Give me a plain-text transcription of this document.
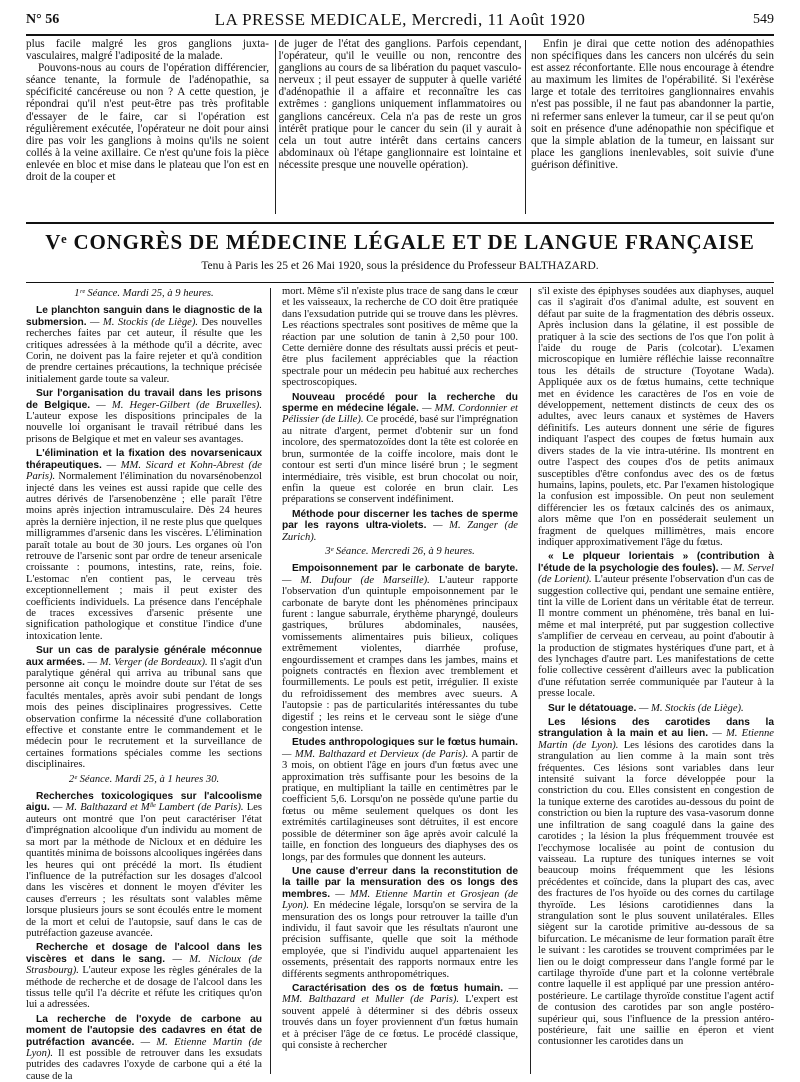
N° 56	LA PRESSE MEDICALE, Mercredi, 11 Août 1920	549

plus facile malgré les gros ganglions juxta-vasculaires, malgré l'adiposité de la malade.

Pouvons-nous au cours de l'opération différencier, séance tenante, la formule de l'adénopathie, sa spécificité cancéreuse ou non ? A cette question, je répondrai qu'il n'est peut-être pas très profitable d'essayer de le faire, car si l'opération est régulièrement exécutée, l'opérateur ne doit pour ainsi dire pas voir les ganglions à moins qu'ils ne soient collés à la veine axillaire. Ce n'est qu'une fois la pièce enlevée en bloc et mise dans le plateau que l'on est en droit de la couper et

de juger de l'état des ganglions. Parfois cependant, l'opérateur, qu'il le veuille ou non, rencontre des ganglions au cours de sa libération du paquet vasculo-nerveux ; il peut essayer de supputer à quelle variété d'adénopathie il a affaire et reconnaître les cas extrêmes : ganglions uniquement inflammatoires ou ganglions cancéreux. Cela n'a pas de reste un gros intérêt pratique pour le cancer du sein (il y aurait à cela un tout autre intérêt dans certains cancers abdominaux où l'étape ganglionnaire est lointaine et nécessite presque une nouvelle opération).

Enfin je dirai que cette notion des adénopathies non spécifiques dans les cancers non ulcérés du sein est assez réconfortante. Elle nous encourage à étendre au maximum les limites de l'opérabilité. Si l'exérèse large et totale des territoires ganglionnaires envahis n'est pas possible, il ne faut pas abandonner la partie, ni refermer sans enlever la tumeur, car il se peut qu'on soit en présence d'une adénopathie non spécifique et que la simple ablation de la tumeur, en laissant sur place les ganglions inenlevables, soit suivie d'une guérison définitive.

Vᵉ CONGRÈS DE MÉDECINE LÉGALE ET DE LANGUE FRANÇAISE
Tenu à Paris les 25 et 26 Mai 1920, sous la présidence du Professeur BALTHAZARD.

1ʳᵉ Séance. Mardi 25, à 9 heures.

Le planchton sanguin dans le diagnostic de la submersion. — M. Stockis (de Liège). Des nouvelles recherches faites par cet auteur, il résulte que les critiques adressées à la méthode qu'il a décrite, avec Corin, ne doivent pas la faire rejeter et qu'à condition de prendre certaines précautions, la technique précisée initialement garde toute sa valeur.

Sur l'organisation du travail dans les prisons de Belgique. — M. Heger-Gilbert (de Bruxelles). L'auteur expose les dispositions principales de la nouvelle loi organisant le travail rétribué dans les prisons de Belgique et met en valeur ses avantages.

L'élimination et la fixation des novarsenicaux thérapeutiques. — MM. Sicard et Kohn-Abrest (de Paris). Normalement l'élimination du novarsénobenzol injecté dans les veines est aussi rapide que celle des autres dérivés de l'arsenobenzène ; elle paraît l'être moins après injection intramusculaire. Dès 24 heures après la dernière injection, il ne reste plus que quelques milligrammes d'arsenic dans les viscères. L'élimination paraît totale au bout de 30 jours. Les organes où l'on retrouve de l'arsenic sont par ordre de teneur arsenicale croissante : poumons, intestins, rate, reins, foie. L'estomac n'en contient pas, le cerveau très exceptionnellement ; mais il peut exister des coefficients individuels. La présence dans l'encéphale de traces excessives d'arsenic présente une signification pathologique et constitue l'indice d'une intoxication lente.

Sur un cas de paralysie générale méconnue aux armées. — M. Verger (de Bordeaux). Il s'agit d'un paralytique général qui arriva au tribunal sans que personne ait conçu le moindre doute sur l'état de ses facultés mentales, après avoir subi pendant de longs mois des peines disciplinaires progressives. Cette observation confirme la nécessité d'une collaboration effective et constante entre le commandement et le médecin pour le recrutement et la surveillance de certaines formations spéciales comme les sections disciplinaires.

2ᵉ Séance. Mardi 25, à 1 heures 30.

Recherches toxicologiques sur l'alcoolisme aigu. — M. Balthazard et Mˡˡᵉ Lambert (de Paris). Les auteurs ont montré que l'on peut caractériser l'état d'imprégnation alcoolique d'un individu au moment de sa mort par la méthode de Nicloux et en déduire les quantités minima de boissons alcooliques ingérées dans les heures qui ont précédé la mort. Ils étudient l'influence de la putréfaction sur les dosages d'alcool dans les viscères et donnent le moyen d'éviter les causes d'erreurs ; les résultats sont valables même lorsque plusieurs jours se sont écoulés entre le moment de la mort et celui de l'autopsie, sauf dans le cas de putréfaction gazeuse avancée.

Recherche et dosage de l'alcool dans les viscères et dans le sang. — M. Nicloux (de Strasbourg). L'auteur expose les règles générales de la méthode de recherche et de dosage de l'alcool dans les tissus telle qu'il l'a décrite et réfute les critiques qu'on lui a adressées.

La recherche de l'oxyde de carbone au moment de l'autopsie des cadavres en état de putréfaction avancée. — M. Etienne Martin (de Lyon). Il est possible de retrouver dans les exsudats putrides des cadavres l'oxyde de carbone qui a été la cause de la

mort. Même s'il n'existe plus trace de sang dans le cœur et les vaisseaux, la recherche de CO doit être pratiquée dans l'exsudation putride qui se trouve dans les plèvres. Les réactions spectrales sont positives de même que la réaction par une solution de tanin à 2,50 pour 100. Cette dernière donne des résultats aussi précis et peut-être plus facilement appréciables que la réaction spectrale pour un médecin peu habitué aux recherches spectroscopiques.

Nouveau procédé pour la recherche du sperme en médecine légale. — MM. Cordonnier et Pélissier (de Lille). Ce procédé, basé sur l'imprégnation au nitrate d'argent, permet d'obtenir sur un fond incolore, des spermatozoïdes dont la tête est colorée en brun, surmontée de la coiffe incolore, mais dont le contour est serti d'un mince liséré brun ; le segment intermédiaire, très visible, est brun chocolat ou noir, enfin la queue est colorée en brun clair. Les préparations se conservent indéfiniment.

Méthode pour discerner les taches de sperme par les rayons ultra-violets. — M. Zanger (de Zurich).

3ᵉ Séance. Mercredi 26, à 9 heures.

Empoisonnement par le carbonate de baryte. — M. Dufour (de Marseille). L'auteur rapporte l'observation d'un quintuple empoisonnement par le carbonate de baryte dont les phénomènes principaux furent : langue saburrale, érythème pharyngé, douleurs gastriques, brûlures abdominales, nausées, vomissements alimentaires puis bilieux, coliques extrêmement violentes, diarrhée profuse, engourdissement et crampes dans les jambes, mains et poignets contractés en flexion avec tremblement et fourmillements. Le pouls est petit, irrégulier. Il existe du refroidissement des membres avec sueurs. A l'autopsie : pas de particularités intéressantes du tube digestif ; les reins et le cerveau sont le siège d'une congestion intense.

Etudes anthropologiques sur le fœtus humain. — MM. Balthazard et Dervieux (de Paris). A partir de 3 mois, on obtient l'âge en jours d'un fœtus avec une approximation très suffisante pour les besoins de la pratique, en multipliant la taille en centimètres par le coefficient 5,6. Lorsqu'on ne possède qu'une partie du fœtus ou même seulement quelques os dont les extrémités cartilagineuses sont détruites, il est encore possible de déterminer son âge après avoir calculé la taille, en fonction des longueurs des diaphyses des os longs, par des formules que donnent les auteurs.

Une cause d'erreur dans la reconstitution de la taille par la mensuration des os longs des membres. — MM. Etienne Martin et Grosjean (de Lyon). En médecine légale, lorsqu'on se servira de la mensuration des os longs pour retrouver la taille d'un individu, il faut savoir que les résultats n'auront une précision suffisante, quelle que soit la méthode employée, que si l'individu auquel appartenaient les ossements, présentait des rapports normaux entre les différents segments anthropométriques.

Caractérisation des os de fœtus humain. — MM. Balthazard et Muller (de Paris). L'expert est souvent appelé à déterminer si des débris osseux trouvés dans un foyer proviennent d'un fœtus humain et à préciser l'âge de ce fœtus. Le procédé classique, qui consiste à rechercher

s'il existe des épiphyses soudées aux diaphyses, auquel cas il s'agirait d'os d'animal adulte, est souvent en défaut par suite de la fragmentation des débris osseux. Après inclusion dans la gélatine, il est possible de pratiquer à la scie des sections de l'os que l'on polit à l'aide du rouge de Paris (colcotar). L'examen microscopique en lumière réfléchie laisse reconnaître tous les détails de structure (Toyotane Wada). Appliquée aux os de fœtus humains, cette technique met en évidence les caractères de l'os en voie de développement, nettement distincts de ceux des os adultes, avec leurs canaux et systèmes de Havers définitifs. Les auteurs donnent une série de figures indiquant l'aspect des coupes de fœtus humain aux divers stades de la vie intra-utérine. Ils montrent en outre l'aspect des coupes d'os de petits animaux susceptibles d'être confondus avec des os de fœtus humains, lapins, poulets, etc. Par l'examen histologique la confusion est impossible. On peut non seulement différencier les os fœtaux calcinés des os animaux, alors même que l'on en posséderait seulement un fragment de quelques millimètres, mais encore indiquer approximativement l'âge du fœtus.

« Le plqueur lorientais » (contribution à l'étude de la psychologie des foules). — M. Servel (de Lorient). L'auteur présente l'observation d'un cas de suggestion collective qui, pendant une semaine entière, tint la ville de Lorient dans un véritable état de terreur. Il montre comment un phénomène, très banal en lui-même et mal interprété, put par suggestion collective s'amplifier de cerveau en cerveau, au point d'aboutir à la production de stigmates hystériques d'une part, et à des lynchages d'autre part. Les manifestations de cette folie collective cessèrent d'ailleurs avec la publication d'une réfutation serrée communiquée par l'auteur à la presse locale.

Sur le détatouage. — M. Stockis (de Liège).

Les lésions des carotides dans la strangulation à la main et au lien. — M. Etienne Martin (de Lyon). Les lésions des carotides dans la strangulation au lien comme à la main sont très fréquentes. Ces lésions sont variables dans leur intensité suivant la force développée pour la constriction du cou. Elles consistent en congestion de la tunique externe des carotides au-dessous du point de constriction ou bien la rupture des vasa-vasorum donne une infiltration de sang coagulé dans la gaine des carotides ; la lésion la plus fréquemment trouvée est l'ecchymose localisée au point de contusion du vaisseau. La rupture des tuniques internes se voit beaucoup moins fréquemment que les lésions précédentes et coïncide, dans la plupart des cas, avec des fractures de l'os hyoïde ou des cornes du cartilage thyroïde. Les lésions carotidiennes dans la strangulation sont le plus souvent unilatérales. Elles siègent sur la carotide primitive au-dessous de sa bifurcation. Le mécanisme de leur formation paraît être le suivant : les carotides se trouvent comprimées par le lien ou le doigt compresseur dans l'angle formé par le cartilage thyroïde d'une part et la colonne vertébrale contre laquelle il est appliqué par une pression antéro-postérieure. Le cartilage thyroïde constitue l'agent actif de contusion des carotides par son angle postéro-supérieur qui, sous l'influence de la pression antéro-postérieure, fait une saillie en éperon et vient contusionner les carotides dans un
